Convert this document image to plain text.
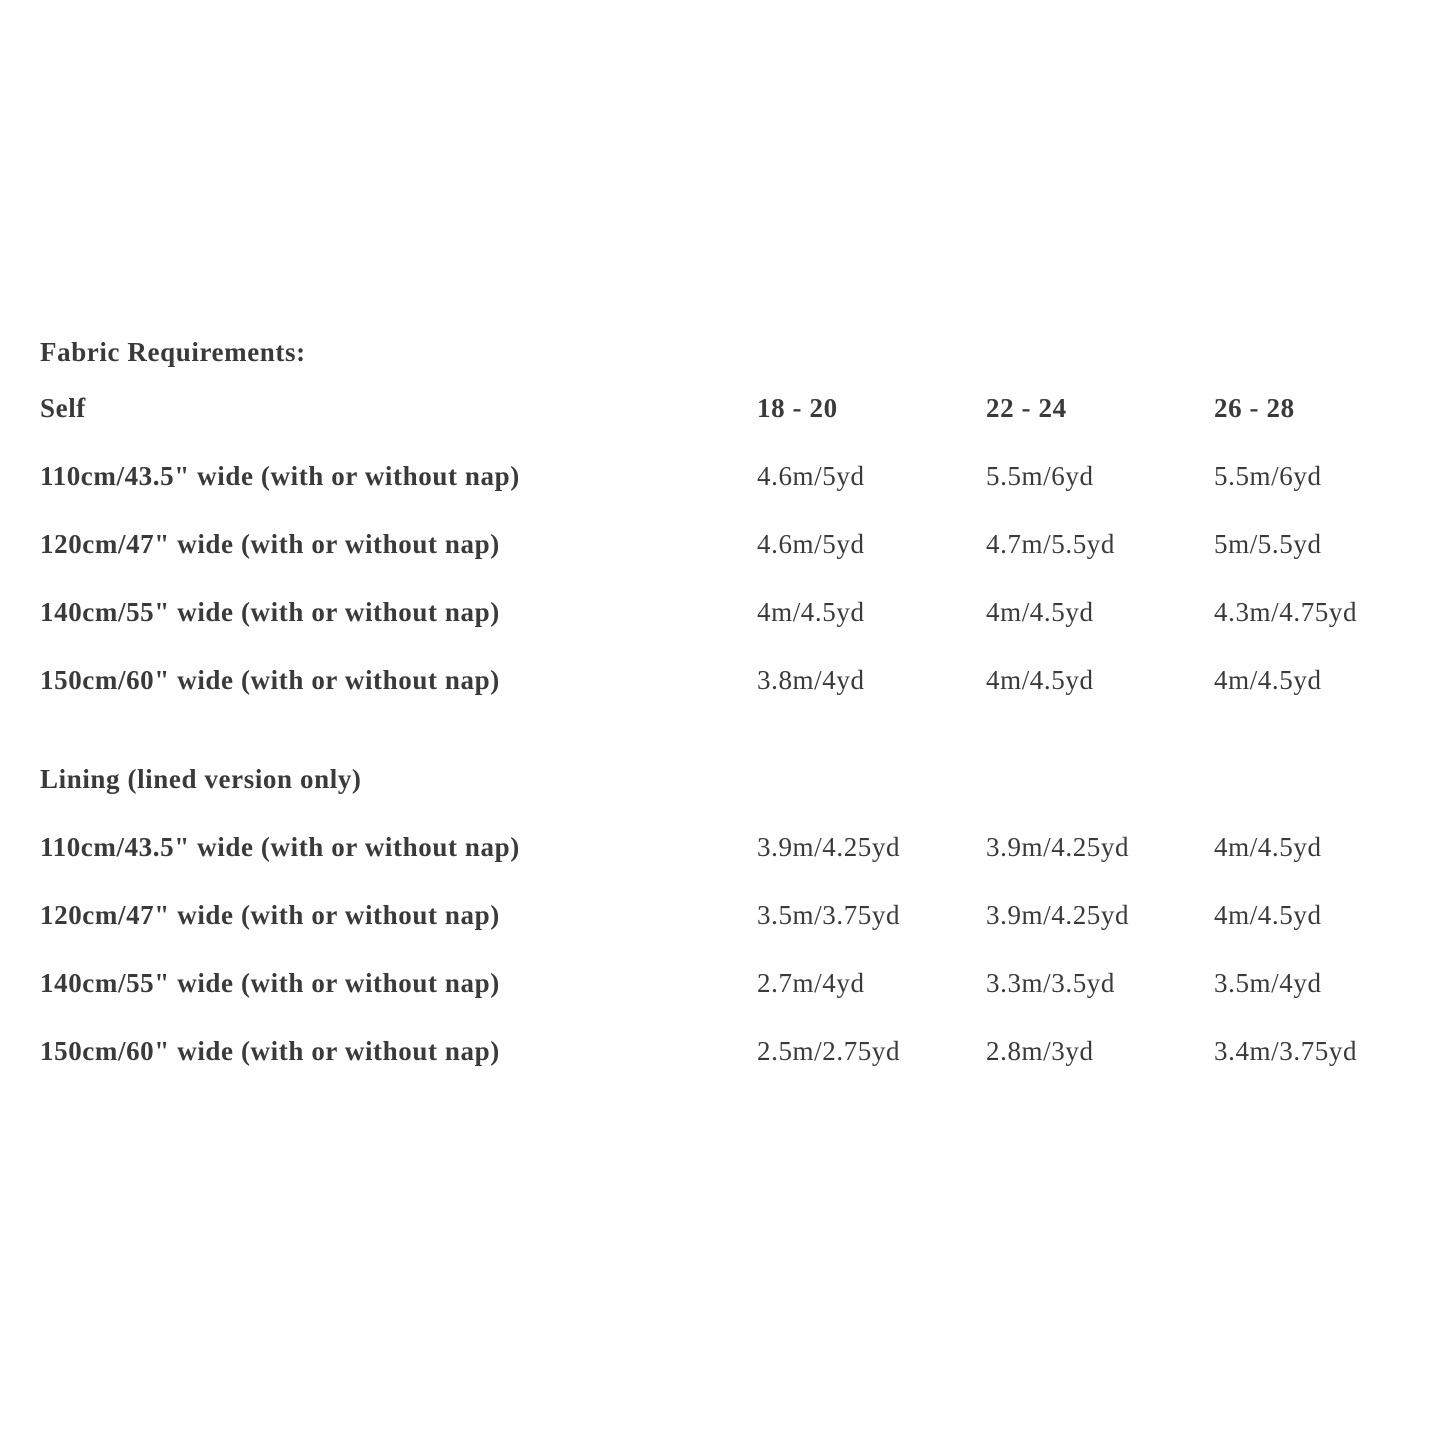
Fabric Requirements:
Self	18 - 20	22 - 24	26 - 28
110cm/43.5" wide (with or without nap)	4.6m/5yd	5.5m/6yd	5.5m/6yd
120cm/47" wide (with or without nap)	4.6m/5yd	4.7m/5.5yd	5m/5.5yd
140cm/55" wide (with or without nap)	4m/4.5yd	4m/4.5yd	4.3m/4.75yd
150cm/60" wide (with or without nap)	3.8m/4yd	4m/4.5yd	4m/4.5yd
Lining (lined version only)
110cm/43.5" wide (with or without nap)	3.9m/4.25yd	3.9m/4.25yd	4m/4.5yd
120cm/47" wide (with or without nap)	3.5m/3.75yd	3.9m/4.25yd	4m/4.5yd
140cm/55" wide (with or without nap)	2.7m/4yd	3.3m/3.5yd	3.5m/4yd
150cm/60" wide (with or without nap)	2.5m/2.75yd	2.8m/3yd	3.4m/3.75yd
